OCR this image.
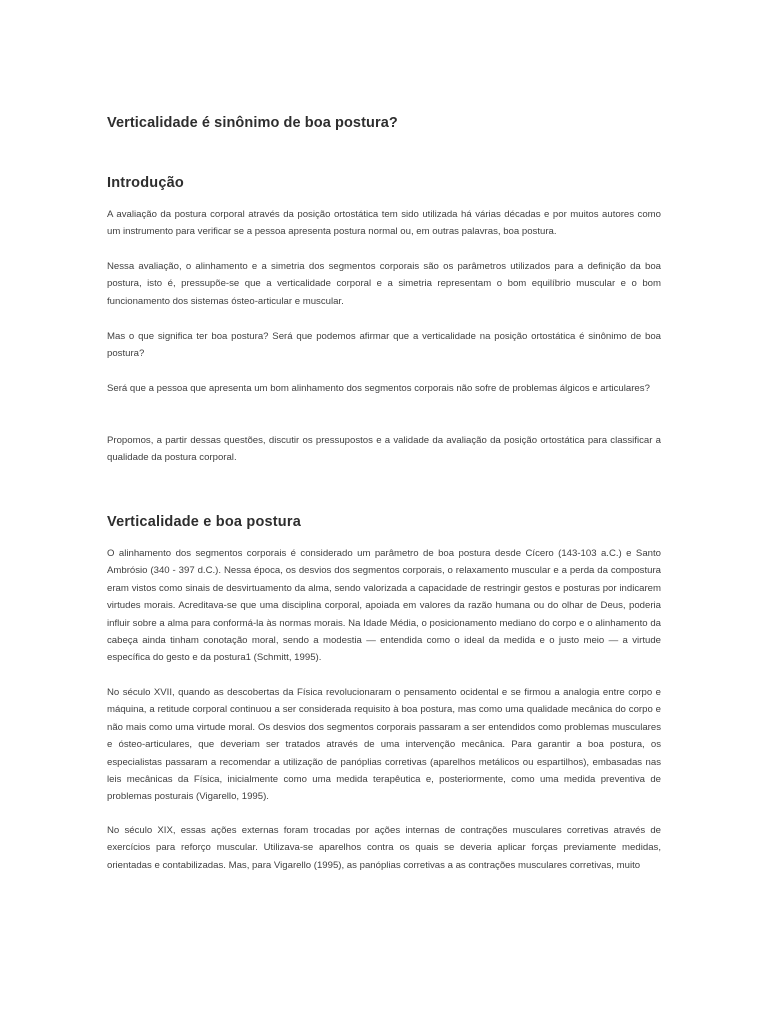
Verticalidade é sinônimo de boa postura?
Introdução

A avaliação da postura corporal através da posição ortostática tem sido utilizada há várias décadas e por muitos autores como um instrumento para verificar se a pessoa apresenta postura normal ou, em outras palavras, boa postura.

Nessa avaliação, o alinhamento e a simetria dos segmentos corporais são os parâmetros utilizados para a definição da boa postura, isto é, pressupõe-se que a verticalidade corporal e a simetria representam o bom equilíbrio muscular e o bom funcionamento dos sistemas ósteo-articular e muscular.

Mas o que significa ter boa postura? Será que podemos afirmar que a verticalidade na posição ortostática é sinônimo de boa postura?

Será que a pessoa que apresenta um bom alinhamento dos segmentos corporais não sofre de problemas álgicos e articulares?

Propomos, a partir dessas questões, discutir os pressupostos e a validade da avaliação da posição ortostática para classificar a qualidade da postura corporal.

Verticalidade e boa postura

O alinhamento dos segmentos corporais é considerado um parâmetro de boa postura desde Cícero (143-103 a.C.) e Santo Ambrósio (340 - 397 d.C.). Nessa época, os desvios dos segmentos corporais, o relaxamento muscular e a perda da compostura eram vistos como sinais de desvirtuamento da alma, sendo valorizada a capacidade de restringir gestos e posturas por indicarem virtudes morais. Acreditava-se que uma disciplina corporal, apoiada em valores da razão humana ou do olhar de Deus, poderia influir sobre a alma para conformá-la às normas morais. Na Idade Média, o posicionamento mediano do corpo e o alinhamento da cabeça ainda tinham conotação moral, sendo a modestia — entendida como o ideal da medida e o justo meio — a virtude específica do gesto e da postura1 (Schmitt, 1995).

No século XVII, quando as descobertas da Física revolucionaram o pensamento ocidental e se firmou a analogia entre corpo e máquina, a retitude corporal continuou a ser considerada requisito à boa postura, mas como uma qualidade mecânica do corpo e não mais como uma virtude moral. Os desvios dos segmentos corporais passaram a ser entendidos como problemas musculares e ósteo-articulares, que deveriam ser tratados através de uma intervenção mecânica. Para garantir a boa postura, os especialistas passaram a recomendar a utilização de panóplias corretivas (aparelhos metálicos ou espartilhos), embasadas nas leis mecânicas da Física, inicialmente como uma medida terapêutica e, posteriormente, como uma medida preventiva de problemas posturais (Vigarello, 1995).

No século XIX, essas ações externas foram trocadas por ações internas de contrações musculares corretivas através de exercícios para reforço muscular. Utilizava-se aparelhos contra os quais se deveria aplicar forças previamente medidas, orientadas e contabilizadas. Mas, para Vigarello (1995), as panóplias corretivas a as contrações musculares corretivas, muito
